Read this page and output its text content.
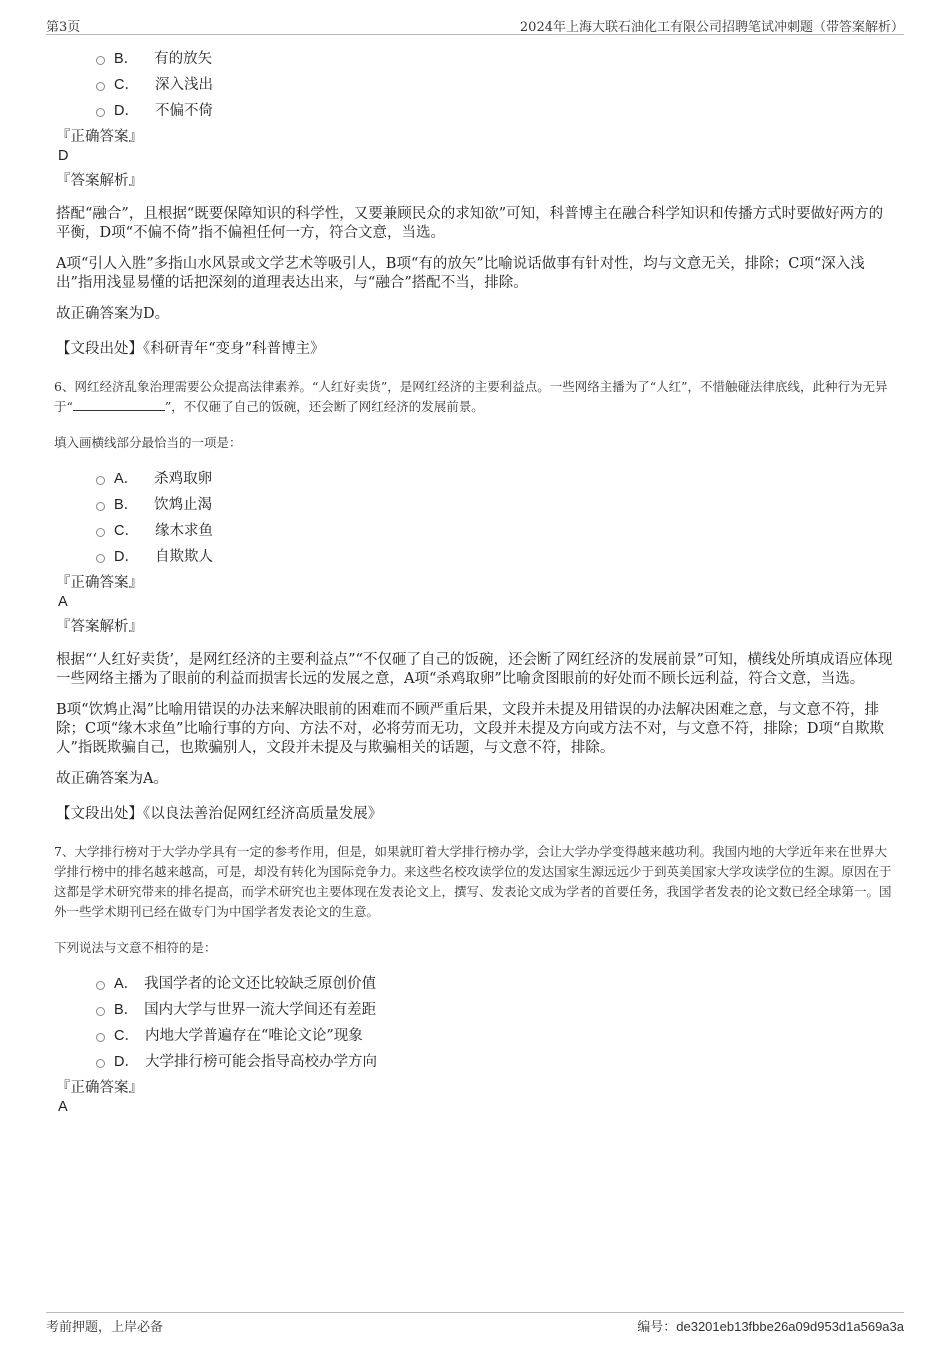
第3页	2024年上海大联石油化工有限公司招聘笔试冲刺题（带答案解析）
B． 有的放矢
C． 深入浅出
D． 不偏不倚
『正确答案』
D
『答案解析』

搭配“融合”，且根据“既要保障知识的科学性，又要兼顾民众的求知欲”可知，科普博主在融合科学知识和传播方式时要做好两方的平衡，D项“不偏不倚”指不偏袒任何一方，符合文意，当选。

A项“引人入胜”多指山水风景或文学艺术等吸引人，B项“有的放矢”比喻说话做事有针对性，均与文意无关，排除；C项“深入浅出”指用浅显易懂的话把深刻的道理表达出来，与“融合”搭配不当，排除。

故正确答案为D。

【文段出处】《科研青年“变身”科普博主》
6、网红经济乱象治理需要公众提高法律素养。“人红好卖货”，是网红经济的主要利益点。一些网络主播为了“人红”，不惜触碰法律底线，此种行为无异于“	”，不仅砸了自己的饭碗，还会断了网红经济的发展前景。
填入画横线部分最恰当的一项是：
A． 杀鸡取卵
B． 饮鸩止渴
C． 缘木求鱼
D． 自欺欺人
『正确答案』
A
『答案解析』

根据“‘人红好卖货’，是网红经济的主要利益点”“不仅砸了自己的饭碗，还会断了网红经济的发展前景”可知，横线处所填成语应体现一些网络主播为了眼前的利益而损害长远的发展之意，A项“杀鸡取卵”比喻贪图眼前的好处而不顾长远利益，符合文意，当选。

B项“饮鸩止渴”比喻用错误的办法来解决眼前的困难而不顾严重后果，文段并未提及用错误的办法解决困难之意，与文意不符，排除；C项“缘木求鱼”比喻行事的方向、方法不对，必将劳而无功，文段并未提及方向或方法不对，与文意不符，排除；D项“自欺欺人”指既欺骗自己，也欺骗别人，文段并未提及与欺骗相关的话题，与文意不符，排除。

故正确答案为A。

【文段出处】《以良法善治促网红经济高质量发展》
7、大学排行榜对于大学办学具有一定的参考作用，但是，如果就盯着大学排行榜办学，会让大学办学变得越来越功利。我国内地的大学近年来在世界大学排行榜中的排名越来越高，可是，却没有转化为国际竞争力。来这些名校攻读学位的发达国家生源远远少于到英美国家大学攻读学位的生源。原因在于这都是学术研究带来的排名提高，而学术研究也主要体现在发表论文上，撰写、发表论文成为学者的首要任务，我国学者发表的论文数已经全球第一。国外一些学术期刊已经在做专门为中国学者发表论文的生意。
下列说法与文意不相符的是：
A． 我国学者的论文还比较缺乏原创价值
B． 国内大学与世界一流大学间还有差距
C． 内地大学普遍存在“唯论文论”现象
D． 大学排行榜可能会指导高校办学方向
『正确答案』
A
考前押题，上岸必备	编号：de3201eb13fbbe26a09d953d1a569a3a
